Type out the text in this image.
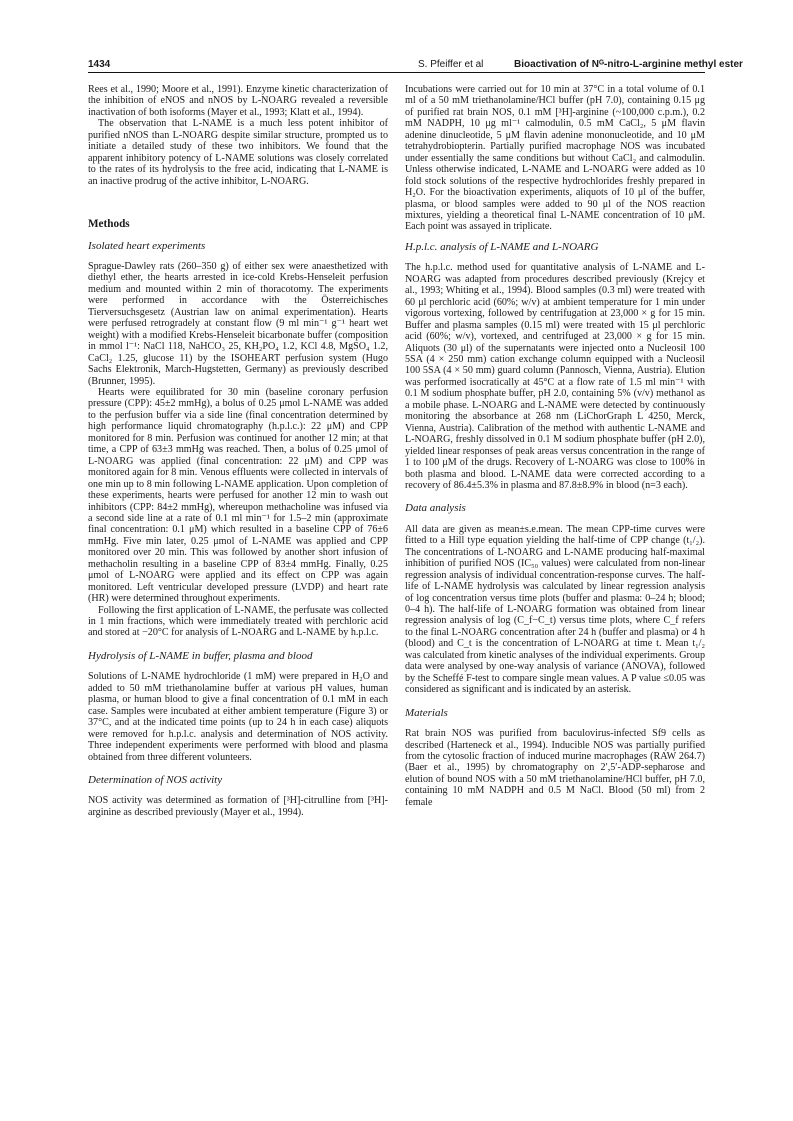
1434	S. Pfeiffer et al	Bioactivation of Nᴳ-nitro-L-arginine methyl ester

Rees et al., 1990; Moore et al., 1991). Enzyme kinetic characterization of the inhibition of eNOS and nNOS by L-NOARG revealed a reversible inactivation of both isoforms (Mayer et al., 1993; Klatt et al., 1994).

The observation that L-NAME is a much less potent inhibitor of purified nNOS than L-NOARG despite similar structure, prompted us to initiate a detailed study of these two inhibitors. We found that the apparent inhibitory potency of L-NAME solutions was closely correlated to the rates of its hydrolysis to the free acid, indicating that L-NAME is an inactive prodrug of the active inhibitor, L-NOARG.

Methods
Isolated heart experiments

Sprague-Dawley rats (260–350 g) of either sex were anaesthetized with diethyl ether, the hearts arrested in ice-cold Krebs-Henseleit perfusion medium and mounted within 2 min of thoracotomy. The experiments were performed in accordance with the Österreichisches Tierversuchsgesetz (Austrian law on animal experimentation). Hearts were perfused retrogradely at constant flow (9 ml min⁻¹ g⁻¹ heart wet weight) with a modified Krebs-Henseleit bicarbonate buffer (composition in mmol l⁻¹: NaCl 118, NaHCO₃ 25, KH₂PO₄ 1.2, KCl 4.8, MgSO₄ 1.2, CaCl₂ 1.25, glucose 11) by the ISOHEART perfusion system (Hugo Sachs Elektronik, March-Hugstetten, Germany) as previously described (Brunner, 1995).

Hearts were equilibrated for 30 min (baseline coronary perfusion pressure (CPP): 45±2 mmHg), a bolus of 0.25 μmol L-NAME was added to the perfusion buffer via a side line (final concentration determined by high performance liquid chromatography (h.p.l.c.): 22 μM) and CPP monitored for 8 min. Perfusion was continued for another 12 min; at that time, a CPP of 63±3 mmHg was reached. Then, a bolus of 0.25 μmol of L-NOARG was applied (final concentration: 22 μM) and CPP was monitored again for 8 min. Venous effluents were collected in intervals of one min up to 8 min following L-NAME application. Upon completion of these experiments, hearts were perfused for another 12 min to wash out inhibitors (CPP: 84±2 mmHg), whereupon methacholine was infused via a second side line at a rate of 0.1 ml min⁻¹ for 1.5–2 min (approximate final concentration: 0.1 μM) which resulted in a baseline CPP of 76±6 mmHg. Five min later, 0.25 μmol of L-NAME was applied and CPP monitored over 20 min. This was followed by another short infusion of methacholin resulting in a baseline CPP of 83±4 mmHg. Finally, 0.25 μmol of L-NOARG were applied and its effect on CPP was again monitored. Left ventricular developed pressure (LVDP) and heart rate (HR) were determined throughout experiments.

Following the first application of L-NAME, the perfusate was collected in 1 min fractions, which were immediately treated with perchloric acid and stored at −20°C for analysis of L-NOARG and L-NAME by h.p.l.c.

Hydrolysis of L-NAME in buffer, plasma and blood

Solutions of L-NAME hydrochloride (1 mM) were prepared in H₂O and added to 50 mM triethanolamine buffer at various pH values, human plasma, or human blood to give a final concentration of 0.1 mM in each case. Samples were incubated at either ambient temperature (Figure 3) or 37°C, and at the indicated time points (up to 24 h in each case) aliquots were removed for h.p.l.c. analysis and determination of NOS activity. Three independent experiments were performed with blood and plasma obtained from three different volunteers.

Determination of NOS activity

NOS activity was determined as formation of [³H]-citrulline from [³H]-arginine as described previously (Mayer et al., 1994).

Incubations were carried out for 10 min at 37°C in a total volume of 0.1 ml of a 50 mM triethanolamine/HCl buffer (pH 7.0), containing 0.15 μg of purified rat brain NOS, 0.1 mM [³H]-arginine (~100,000 c.p.m.), 0.2 mM NADPH, 10 μg ml⁻¹ calmodulin, 0.5 mM CaCl₂, 5 μM flavin adenine dinucleotide, 5 μM flavin adenine mononucleotide, and 10 μM tetrahydrobiopterin. Partially purified macrophage NOS was incubated under essentially the same conditions but without CaCl₂ and calmodulin. Unless otherwise indicated, L-NAME and L-NOARG were added as 10 fold stock solutions of the respective hydrochlorides freshly prepared in H₂O. For the bioactivation experiments, aliquots of 10 μl of the buffer, plasma, or blood samples were added to 90 μl of the NOS reaction mixtures, yielding a theoretical final L-NAME concentration of 10 μM. Each point was assayed in triplicate.

H.p.l.c. analysis of L-NAME and L-NOARG

The h.p.l.c. method used for quantitative analysis of L-NAME and L-NOARG was adapted from procedures described previously (Krejcy et al., 1993; Whiting et al., 1994). Blood samples (0.3 ml) were treated with 60 μl perchloric acid (60%; w/v) at ambient temperature for 1 min under vigorous vortexing, followed by centrifugation at 23,000 × g for 15 min. Buffer and plasma samples (0.15 ml) were treated with 15 μl perchloric acid (60%; w/v), vortexed, and centrifuged at 23,000 × g for 15 min. Aliquots (30 μl) of the supernatants were injected onto a Nucleosil 100 5SA (4 × 250 mm) cation exchange column equipped with a Nucleosil 100 5SA (4 × 50 mm) guard column (Pannosch, Vienna, Austria). Elution was performed isocratically at 45°C at a flow rate of 1.5 ml min⁻¹ with 0.1 M sodium phosphate buffer, pH 2.0, containing 5% (v/v) methanol as a mobile phase. L-NOARG and L-NAME were detected by continuously monitoring the absorbance at 268 nm (LiChorGraph L 4250, Merck, Vienna, Austria). Calibration of the method with authentic L-NAME and L-NOARG, freshly dissolved in 0.1 M sodium phosphate buffer (pH 2.0), yielded linear responses of peak areas versus concentration in the range of 1 to 100 μM of the drugs. Recovery of L-NOARG was close to 100% in both plasma and blood. L-NAME data were corrected according to a recovery of 86.4±5.3% in plasma and 87.8±8.9% in blood (n=3 each).

Data analysis

All data are given as mean±s.e.mean. The mean CPP-time curves were fitted to a Hill type equation yielding the half-time of CPP change (t₁/₂). The concentrations of L-NOARG and L-NAME producing half-maximal inhibition of purified NOS (IC₅₀ values) were calculated from non-linear regression analysis of individual concentration-response curves. The half-life of L-NAME hydrolysis was calculated by linear regression analysis of log concentration versus time plots (buffer and plasma: 0–24 h; blood; 0–4 h). The half-life of L-NOARG formation was obtained from linear regression analysis of log (C_f−C_t) versus time plots, where C_f refers to the final L-NOARG concentration after 24 h (buffer and plasma) or 4 h (blood) and C_t is the concentration of L-NOARG at time t. Mean t₁/₂ was calculated from kinetic analyses of the individual experiments. Group data were analysed by one-way analysis of variance (ANOVA), followed by the Scheffé F-test to compare single mean values. A P value ≤0.05 was considered as significant and is indicated by an asterisk.

Materials

Rat brain NOS was purified from baculovirus-infected Sf9 cells as described (Harteneck et al., 1994). Inducible NOS was partially purified from the cytosolic fraction of induced murine macrophages (RAW 264.7) (Baer et al., 1995) by chromatography on 2′,5′-ADP-sepharose and elution of bound NOS with a 50 mM triethanolamine/HCl buffer, pH 7.0, containing 10 mM NADPH and 0.5 M NaCl. Blood (50 ml) from 2 female
